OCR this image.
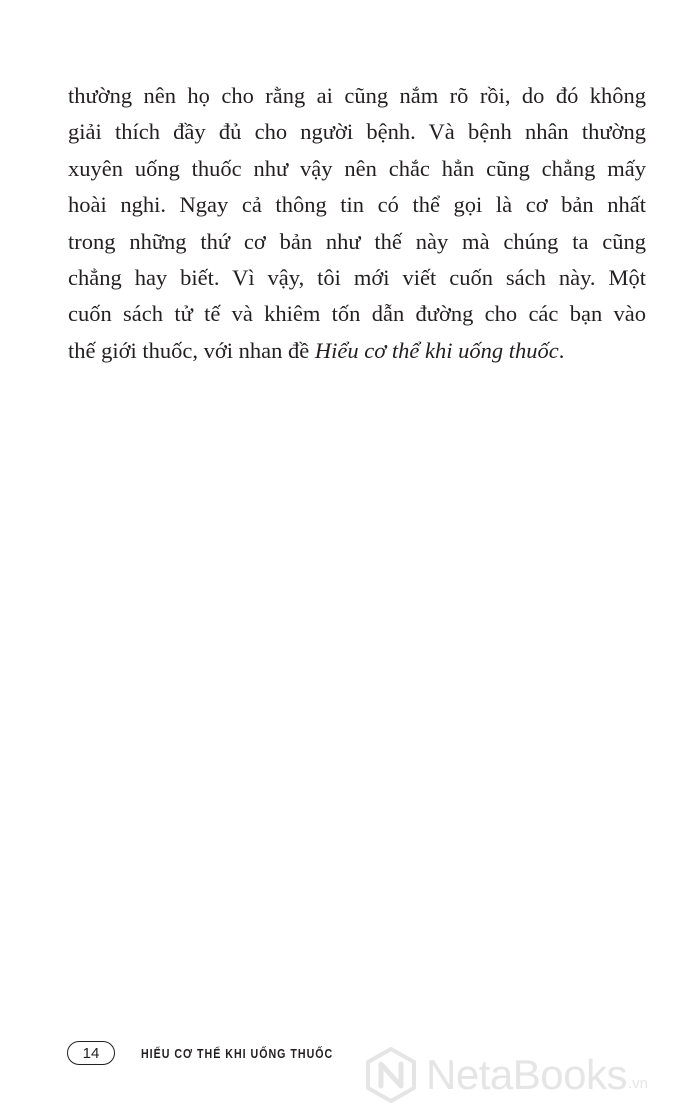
thường nên họ cho rằng ai cũng nắm rõ rồi, do đó không
giải thích đầy đủ cho người bệnh. Và bệnh nhân thường
xuyên uống thuốc như vậy nên chắc hẳn cũng chẳng mấy
hoài nghi. Ngay cả thông tin có thể gọi là cơ bản nhất
trong những thứ cơ bản như thế này mà chúng ta cũng
chẳng hay biết. Vì vậy, tôi mới viết cuốn sách này. Một
cuốn sách tử tế và khiêm tốn dẫn đường cho các bạn vào
thế giới thuốc, với nhan đề Hiểu cơ thể khi uống thuốc.
14	HIỂU CƠ THỂ KHI UỐNG THUỐC NetaBooks .vn
